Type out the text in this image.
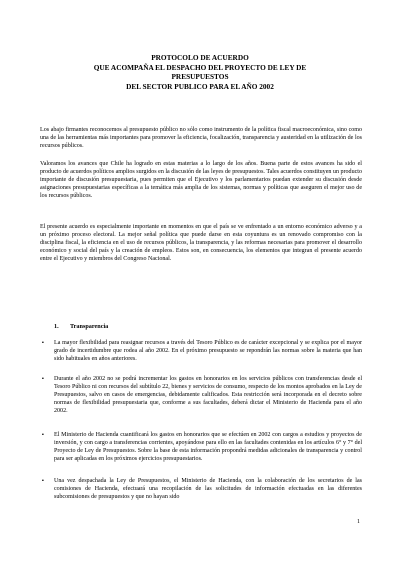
PROTOCOLO DE ACUERDO
QUE ACOMPAÑA EL DESPACHO DEL PROYECTO DE LEY DE
PRESUPUESTOS
DEL SECTOR PUBLICO PARA EL AÑO 2002

Los abajo firmantes reconocemos al presupuesto público no sólo como instrumento de la política fiscal macroeconómica, sino como una de las herramientas más importantes para promover la eficiencia, focalización, transparencia y austeridad en la utilización de los recursos públicos.

Valoramos los avances que Chile ha logrado en estas materias a lo largo de los años. Buena parte de estos avances ha sido el producto de acuerdos políticos amplios surgidos en la discusión de las leyes de presupuestos. Tales acuerdos constituyen un producto importante de discusión presupuestaria, pues permiten que el Ejecutivo y los parlamentarios puedan extender su discusión desde asignaciones presupuestarias específicas a la temática más amplia de los sistemas, normas y políticas que aseguren el mejor uso de los recursos públicos.

El presente acuerdo es especialmente importante en momentos en que el país se ve enfrentado a un entorno económico adverso y a un próximo proceso electoral. La mejor señal política que puede darse en esta coyuntura es un renovado compromiso con la disciplina fiscal, la eficiencia en el uso de recursos públicos, la transparencia, y las reformas necesarias para promover el desarrollo económico y social del país y la creación de empleos. Estos son, en consecuencia, los elementos que integran el presente acuerdo entre el Ejecutivo y miembros del Congreso Nacional.

1. Transparencia
▪	La mayor flexibilidad para reasignar recursos a través del Tesoro Público es de carácter excepcional y se explica por el mayor grado de incertidumbre que rodea al año 2002. En el próximo presupuesto se repondrán las normas sobre la materia que han sido habituales en años anteriores.
▪	Durante el año 2002 no se podrá incrementar los gastos en honorarios en los servicios públicos con transferencias desde el Tesoro Público ni con recursos del subtítulo 22, bienes y servicios de consumo, respecto de los montos aprobados en la Ley de Presupuestos, salvo en casos de emergencias, debidamente calificados. Esta restricción será incorporada en el decreto sobre normas de flexibilidad presupuestaria que, conforme a sus facultades, deberá dictar el Ministerio de Hacienda para el año 2002.
▪	El Ministerio de Hacienda cuantificará los gastos en honorarios que se efectúen en 2002 con cargos a estudios y proyectos de inversión, y con cargo a transferencias corrientes, apoyándose para ello en las facultades contenidas en los artículos 6° y 7° del Proyecto de Ley de Presupuestos. Sobre la base de esta información propondrá medidas adicionales de transparencia y control para ser aplicadas en los próximos ejercicios presupuestarios.
▪	Una vez despachada la Ley de Presupuestos, el Ministerio de Hacienda, con la colaboración de los secretarios de las comisiones de Hacienda, efectuará una recopilación de las solicitudes de información efectuadas en las diferentes subcomisiones de presupuestos y que no hayan sido
1
